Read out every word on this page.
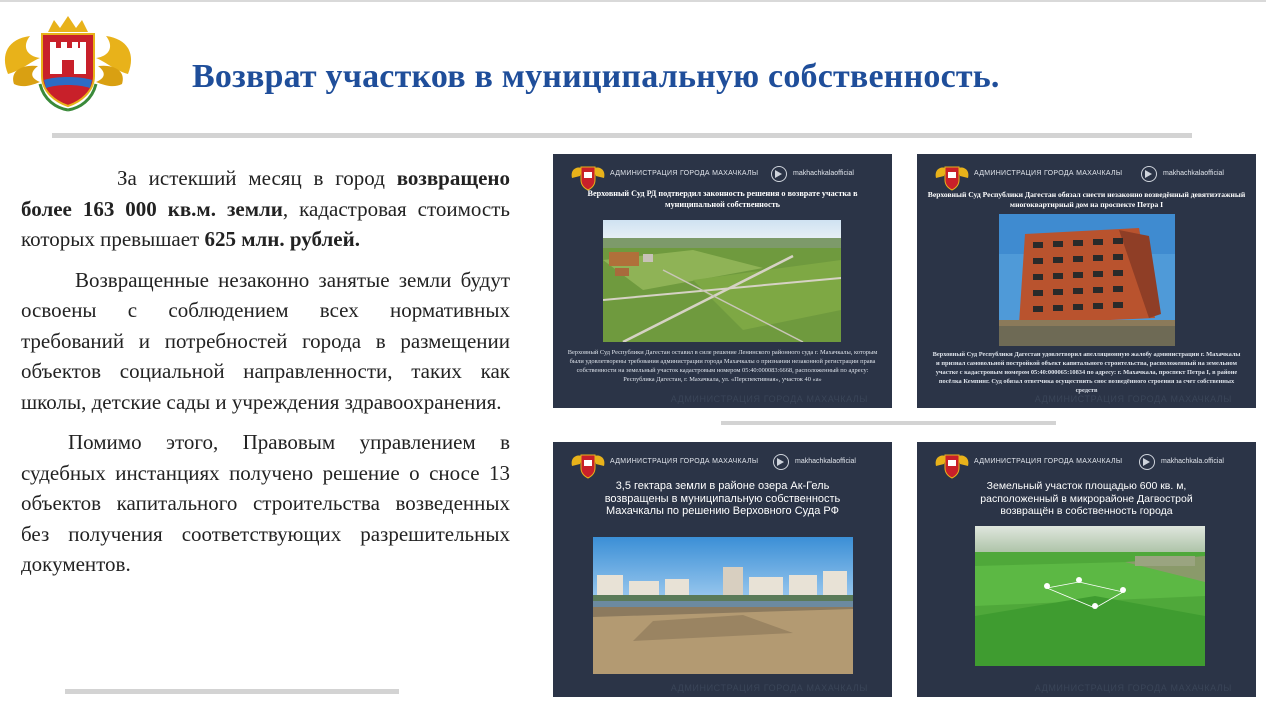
Возврат участков в муниципальную собственность.

За истекший месяц в город возвращено более 163 000 кв.м. земли, кадастровая стоимость которых превышает 625 млн. рублей.

Возвращенные незаконно занятые земли будут освоены с соблюдением всех нормативных требований и потребностей города в размещении объектов социальной направленности, таких как школы, детские сады и учреждения здравоохранения.

Помимо этого, Правовым управлением в судебных инстанциях получено решение о сносе 13 объектов капитального строительства возведенных без получения соответствующих разрешительных документов.

АДМИНИСТРАЦИЯ ГОРОДА МАХАЧКАЛЫ	makhachkalaofficial
Верховный Суд РД подтвердил законность решения о возврате участка в муниципальной собственность
Верховный Суд Республики Дагестан оставил в силе решение Ленинского районного суда г. Махачкалы, которым были удовлетворены требования администрации города Махачкалы о признании незаконной регистрации права собственности на земельный участок кадастровым номером 05:40:000083:6668, расположенный по адресу: Республика Дагестан, г. Махачкала, ул. «Перспективная», участок 40 «а»
АДМИНИСТРАЦИЯ ГОРОДА МАХАЧКАЛЫ
АДМИНИСТРАЦИЯ ГОРОДА МАХАЧКАЛЫ	makhachkalaofficial
Верховный Суд Республики Дагестан обязал снести незаконно возведённый девятиэтажный многоквартирный дом на проспекте Петра I
Верховный Суд Республики Дагестан удовлетворил апелляционную жалобу администрации г. Махачкалы и признал самовольной постройкой объект капитального строительства, расположенный на земельном участке с кадастровым номером 05:40:000065:10834 по адресу: г. Махачкала, проспект Петра I, в районе посёлка Кемпинг. Суд обязал ответчика осуществить снос возведённого строения за счет собственных средств
АДМИНИСТРАЦИЯ ГОРОДА МАХАЧКАЛЫ
АДМИНИСТРАЦИЯ ГОРОДА МАХАЧКАЛЫ	makhachkalaofficial
3,5 гектара земли в районе озера Ак-Гель возвращены в муниципальную собственность Махачкалы по решению Верховного Суда РФ
АДМИНИСТРАЦИЯ ГОРОДА МАХАЧКАЛЫ
АДМИНИСТРАЦИЯ ГОРОДА МАХАЧКАЛЫ	makhachkala.official
Земельный участок площадью 600 кв. м, расположенный в микрорайоне Дагвострой возвращён в собственность города
АДМИНИСТРАЦИЯ ГОРОДА МАХАЧКАЛЫ
